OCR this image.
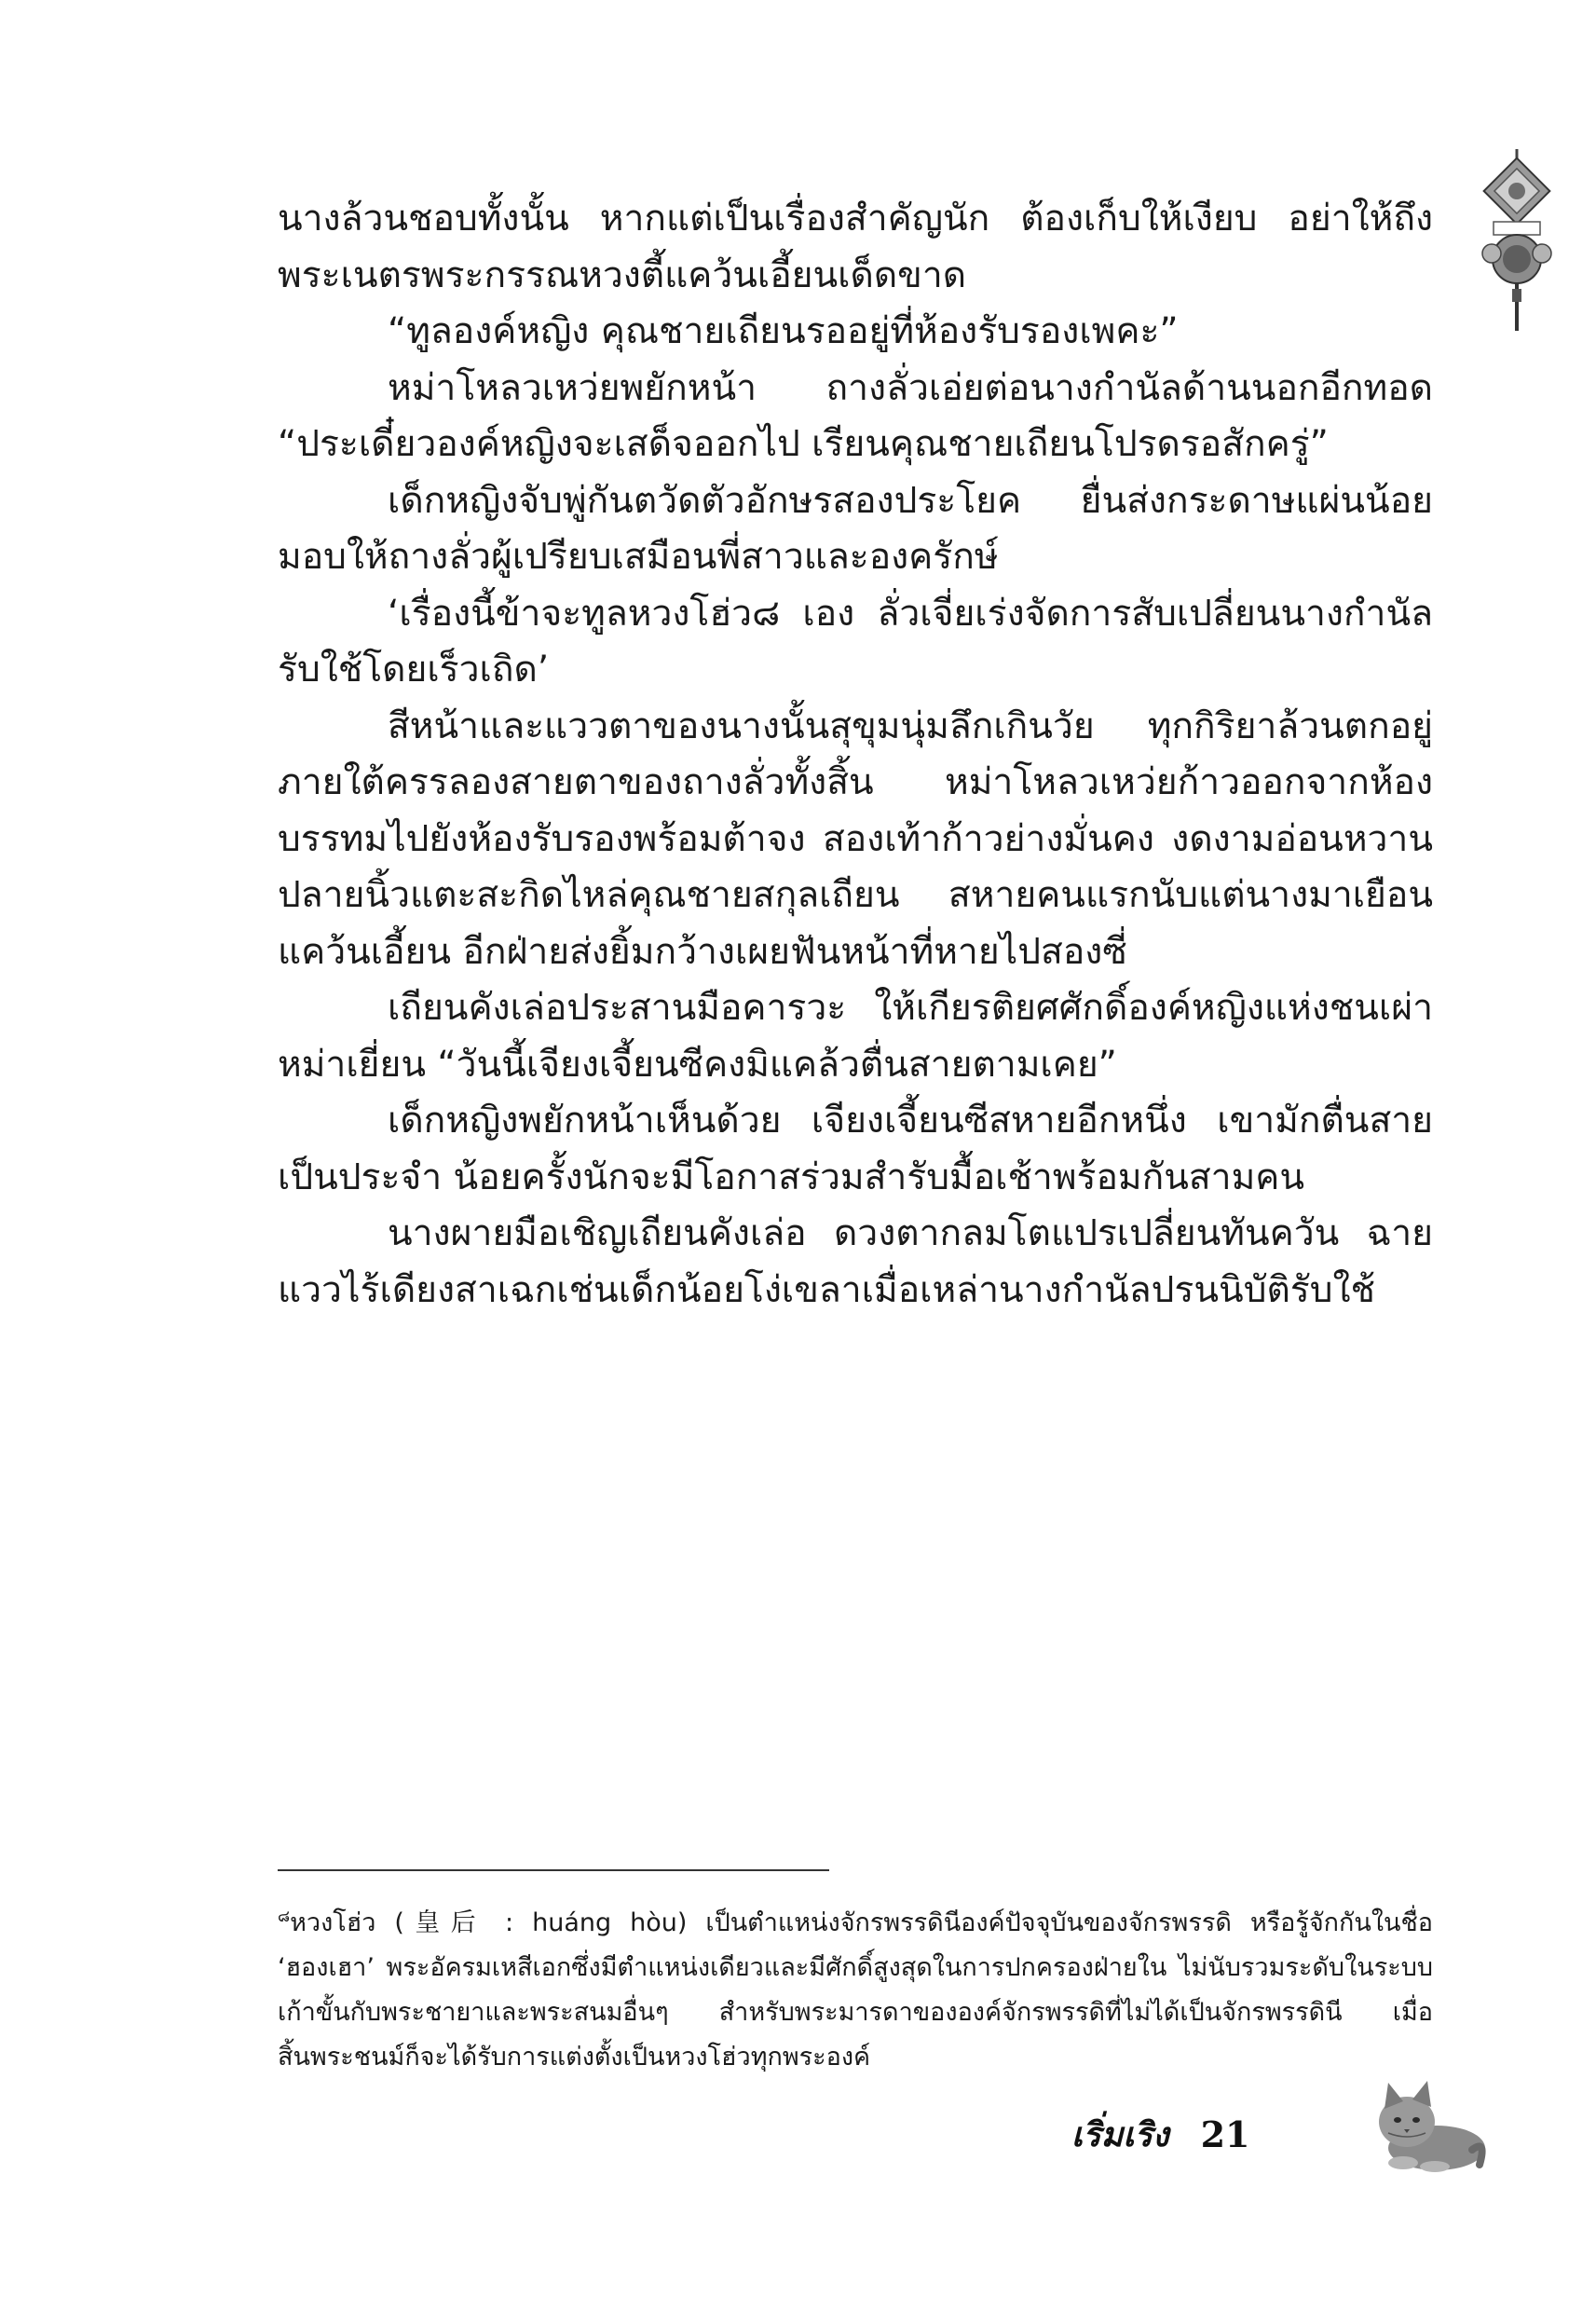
นางล้วนชอบทั้งนั้น หากแต่เป็นเรื่องสำคัญนัก ต้องเก็บให้เงียบ อย่าให้ถึงพระเนตรพระกรรณหวงตี้แคว้นเอี้ยนเด็ดขาด

“ทูลองค์หญิง คุณชายเถียนรออยู่ที่ห้องรับรองเพคะ”

หม่าโหลวเหว่ยพยักหน้า ถางลั่วเอ่ยต่อนางกำนัลด้านนอกอีกทอด “ประเดี๋ยวองค์หญิงจะเสด็จออกไป เรียนคุณชายเถียนโปรดรอสักครู่”

เด็กหญิงจับพู่กันตวัดตัวอักษรสองประโยค ยื่นส่งกระดาษแผ่นน้อยมอบให้ถางลั่วผู้เปรียบเสมือนพี่สาวและองครักษ์

‘เรื่องนี้ข้าจะทูลหวงโฮ่ว๘ เอง ลั่วเจี่ยเร่งจัดการสับเปลี่ยนนางกำนัลรับใช้โดยเร็วเถิด’

สีหน้าและแววตาของนางนั้นสุขุมนุ่มลึกเกินวัย ทุกกิริยาล้วนตกอยู่ภายใต้ครรลองสายตาของถางลั่วทั้งสิ้น หม่าโหลวเหว่ยก้าวออกจากห้องบรรทมไปยังห้องรับรองพร้อมต้าจง สองเท้าก้าวย่างมั่นคง งดงามอ่อนหวาน ปลายนิ้วแตะสะกิดไหล่คุณชายสกุลเถียน สหายคนแรกนับแต่นางมาเยือนแคว้นเอี้ยน อีกฝ่ายส่งยิ้มกว้างเผยฟันหน้าที่หายไปสองซี่

เถียนคังเล่อประสานมือคารวะ ให้เกียรติยศศักดิ์องค์หญิงแห่งชนเผ่าหม่าเยี่ยน “วันนี้เจียงเจี้ยนซีคงมิแคล้วตื่นสายตามเคย”

เด็กหญิงพยักหน้าเห็นด้วย เจียงเจี้ยนซีสหายอีกหนึ่ง เขามักตื่นสายเป็นประจำ น้อยครั้งนักจะมีโอกาสร่วมสำรับมื้อเช้าพร้อมกันสามคน

นางผายมือเชิญเถียนคังเล่อ ดวงตากลมโตแปรเปลี่ยนทันควัน ฉายแววไร้เดียงสาเฉกเช่นเด็กน้อยโง่เขลาเมื่อเหล่านางกำนัลปรนนิบัติรับใช้

$^๘$หวงโฮ่ว (皇后 : huáng hòu) เป็นตำแหน่งจักรพรรดินีองค์ปัจจุบันของจักรพรรดิ หรือรู้จักกันในชื่อ ‘ฮองเฮา’ พระอัครมเหสีเอกซึ่งมีตำแหน่งเดียวและมีศักดิ์สูงสุดในการปกครองฝ่ายใน ไม่นับรวมระดับในระบบเก้าขั้นกับพระชายาและพระสนมอื่นๆ สำหรับพระมารดาขององค์จักรพรรดิที่ไม่ได้เป็นจักรพรรดินี เมื่อสิ้นพระชนม์ก็จะได้รับการแต่งตั้งเป็นหวงโฮ่วทุกพระองค์
เริ่มเริง 21
